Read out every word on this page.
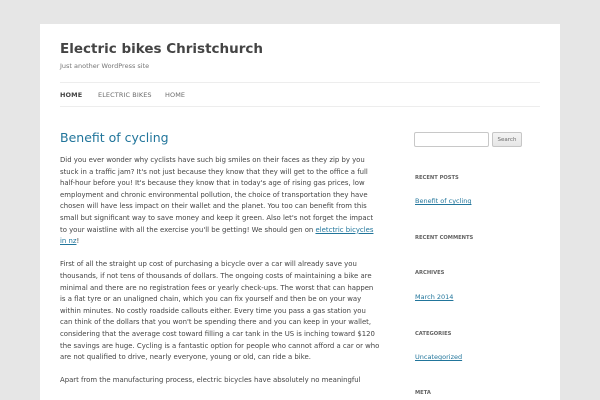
Electric bikes Christchurch
Just another WordPress site
HOME ELECTRIC BIKES HOME
Benefit of cycling

Did you ever wonder why cyclists have such big smiles on their faces as they zip by you stuck in a traffic jam? It's not just because they know that they will get to the office a full half-hour before you! It's because they know that in today's age of rising gas prices, low employment and chronic environmental pollution, the choice of transportation they have chosen will have less impact on their wallet and the planet. You too can benefit from this small but significant way to save money and keep it green. Also let's not forget the impact to your waistline with all the exercise you'll be getting! We should gen on eletctric bicycles in nz!

First of all the straight up cost of purchasing a bicycle over a car will already save you thousands, if not tens of thousands of dollars. The ongoing costs of maintaining a bike are minimal and there are no registration fees or yearly check-ups. The worst that can happen is a flat tyre or an unaligned chain, which you can fix yourself and then be on your way within minutes. No costly roadside callouts either. Every time you pass a gas station you can think of the dollars that you won't be spending there and you can keep in your wallet, considering that the average cost toward filling a car tank in the US is inching toward $120 the savings are huge. Cycling is a fantastic option for people who cannot afford a car or who are not qualified to drive, nearly everyone, young or old, can ride a bike.

Apart from the manufacturing process, electric bicycles have absolutely no meaningful

Search
RECENT POSTS
Benefit of cycling
RECENT COMMENTS
ARCHIVES
March 2014
CATEGORIES
Uncategorized
META
